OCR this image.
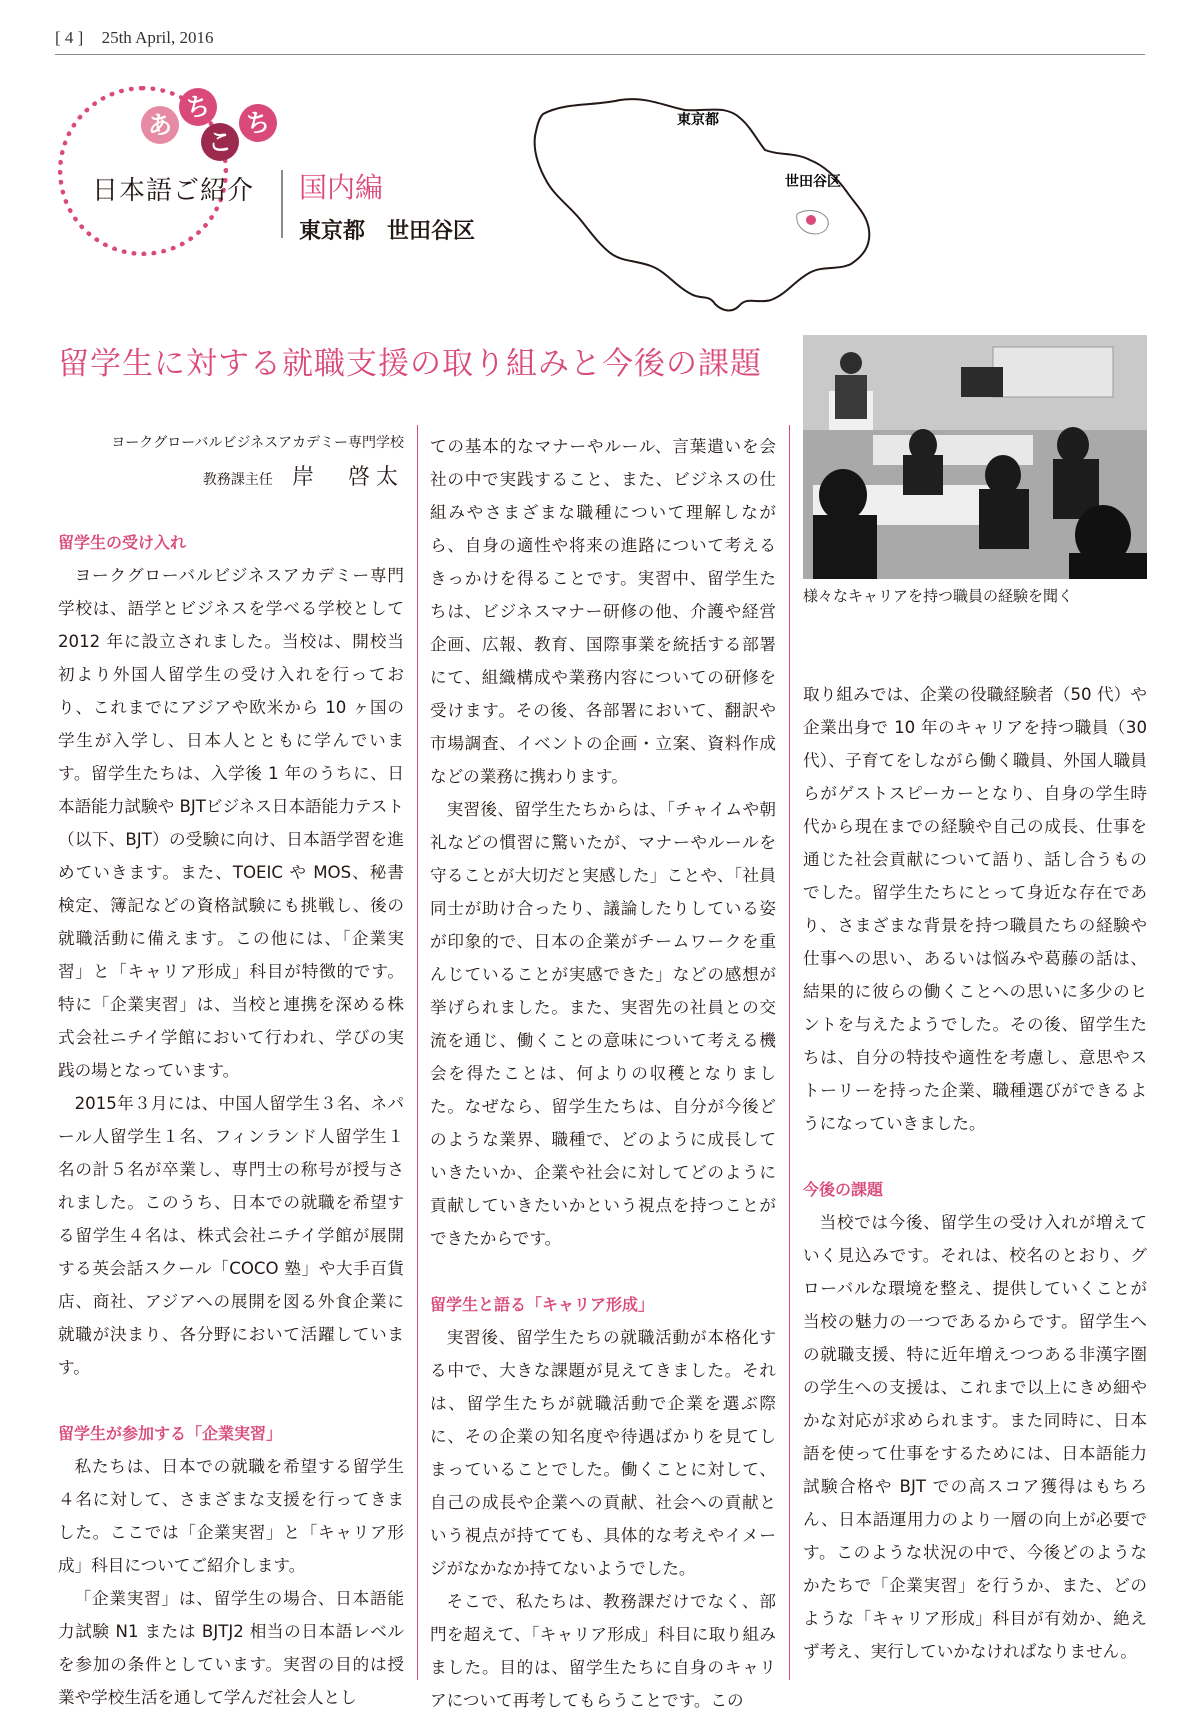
[ 4 ] 25th April, 2016
あ
ち
こ
ち
日本語ご紹介 国内編
東京都　世田谷区
東京都
世田谷区
留学生に対する就職支援の取り組みと今後の課題
様々なキャリアを持つ職員の経験を聞く
ヨークグローバルビジネスアカデミー専門学校
教務課主任 岸　啓太
留学生の受け入れ

ヨークグローバルビジネスアカデミー専門学校は、語学とビジネスを学べる学校として 2012 年に設立されました。当校は、開校当初より外国人留学生の受け入れを行っており、これまでにアジアや欧米から 10 ヶ国の学生が入学し、日本人とともに学んでいます。留学生たちは、入学後 1 年のうちに、日本語能力試験や BJTビジネス日本語能力テスト（以下、BJT）の受験に向け、日本語学習を進めていきます。また、TOEIC や MOS、秘書検定、簿記などの資格試験にも挑戦し、後の就職活動に備えます。この他には、「企業実習」と「キャリア形成」科目が特徴的です。特に「企業実習」は、当校と連携を深める株式会社ニチイ学館において行われ、学びの実践の場となっています。

2015年３月には、中国人留学生３名、ネパール人留学生１名、フィンランド人留学生１名の計５名が卒業し、専門士の称号が授与されました。このうち、日本での就職を希望する留学生４名は、株式会社ニチイ学館が展開する英会話スクール「COCO 塾」や大手百貨店、商社、アジアへの展開を図る外食企業に就職が決まり、各分野において活躍しています。

留学生が参加する「企業実習」

私たちは、日本での就職を希望する留学生４名に対して、さまざまな支援を行ってきました。ここでは「企業実習」と「キャリア形成」科目についてご紹介します。

「企業実習」は、留学生の場合、日本語能力試験 N1 または BJTJ2 相当の日本語レベルを参加の条件としています。実習の目的は授業や学校生活を通して学んだ社会人とし

ての基本的なマナーやルール、言葉遣いを会社の中で実践すること、また、ビジネスの仕組みやさまざまな職種について理解しながら、自身の適性や将来の進路について考えるきっかけを得ることです。実習中、留学生たちは、ビジネスマナー研修の他、介護や経営企画、広報、教育、国際事業を統括する部署にて、組織構成や業務内容についての研修を受けます。その後、各部署において、翻訳や市場調査、イベントの企画・立案、資料作成などの業務に携わります。

実習後、留学生たちからは、「チャイムや朝礼などの慣習に驚いたが、マナーやルールを守ることが大切だと実感した」ことや、「社員同士が助け合ったり、議論したりしている姿が印象的で、日本の企業がチームワークを重んじていることが実感できた」などの感想が挙げられました。また、実習先の社員との交流を通じ、働くことの意味について考える機会を得たことは、何よりの収穫となりました。なぜなら、留学生たちは、自分が今後どのような業界、職種で、どのように成長していきたいか、企業や社会に対してどのように貢献していきたいかという視点を持つことができたからです。

留学生と語る「キャリア形成」

実習後、留学生たちの就職活動が本格化する中で、大きな課題が見えてきました。それは、留学生たちが就職活動で企業を選ぶ際に、その企業の知名度や待遇ばかりを見てしまっていることでした。働くことに対して、自己の成長や企業への貢献、社会への貢献という視点が持てても、具体的な考えやイメージがなかなか持てないようでした。

そこで、私たちは、教務課だけでなく、部門を超えて、「キャリア形成」科目に取り組みました。目的は、留学生たちに自身のキャリアについて再考してもらうことです。この

取り組みでは、企業の役職経験者（50 代）や企業出身で 10 年のキャリアを持つ職員（30 代）、子育てをしながら働く職員、外国人職員らがゲストスピーカーとなり、自身の学生時代から現在までの経験や自己の成長、仕事を通じた社会貢献について語り、話し合うものでした。留学生たちにとって身近な存在であり、さまざまな背景を持つ職員たちの経験や仕事への思い、あるいは悩みや葛藤の話は、結果的に彼らの働くことへの思いに多少のヒントを与えたようでした。その後、留学生たちは、自分の特技や適性を考慮し、意思やストーリーを持った企業、職種選びができるようになっていきました。

今後の課題

当校では今後、留学生の受け入れが増えていく見込みです。それは、校名のとおり、グローバルな環境を整え、提供していくことが当校の魅力の一つであるからです。留学生への就職支援、特に近年増えつつある非漢字圏の学生への支援は、これまで以上にきめ細やかな対応が求められます。また同時に、日本語を使って仕事をするためには、日本語能力試験合格や BJT での高スコア獲得はもちろん、日本語運用力のより一層の向上が必要です。このような状況の中で、今後どのようなかたちで「企業実習」を行うか、また、どのような「キャリア形成」科目が有効か、絶えず考え、実行していかなければなりません。
